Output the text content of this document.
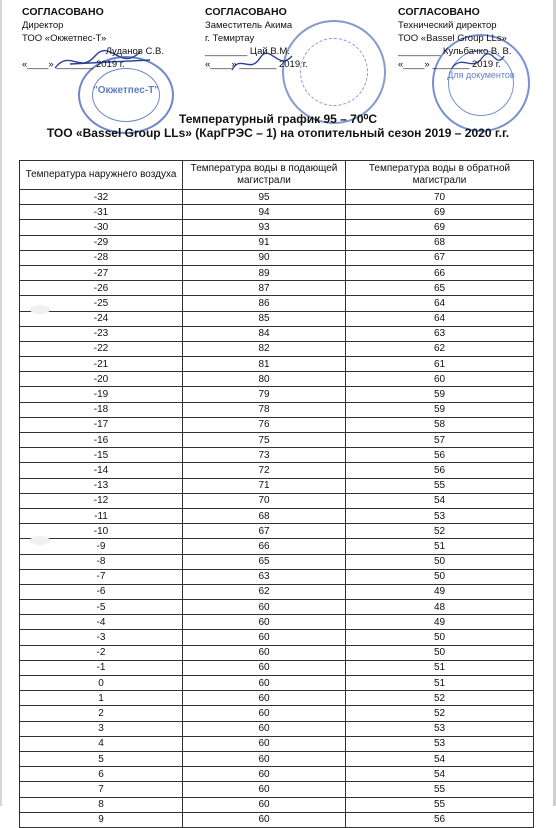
"Окжетпес-Т"
Для документов
СОГЛАСОВАНО
Директор
ТОО «Окжетпес-Т»
Луданов С.В.
«____» _______ 2019 г.
СОГЛАСОВАНО
Заместитель Акима
г. Темиртау
________ Цай В.М.
«____» _______ 2019 г.
СОГЛАСОВАНО
Технический директор
ТОО «Bassel Group LLs»
________ Кульбачко В. В.
«____» _______ 2019 г.
Температурный график 95 – 70⁰С
ТОО «Bassel Group LLs» (КарГРЭС – 1) на отопительный сезон 2019 – 2020 г.г.
Температура наружнего воздуха	Температура воды в подающей магистрали	Температура воды в обратной магистрали
-32	95	70
-31	94	69
-30	93	69
-29	91	68
-28	90	67
-27	89	66
-26	87	65
-25	86	64
-24	85	64
-23	84	63
-22	82	62
-21	81	61
-20	80	60
-19	79	59
-18	78	59
-17	76	58
-16	75	57
-15	73	56
-14	72	56
-13	71	55
-12	70	54
-11	68	53
-10	67	52
-9	66	51
-8	65	50
-7	63	50
-6	62	49
-5	60	48
-4	60	49
-3	60	50
-2	60	50
-1	60	51
0	60	51
1	60	52
2	60	52
3	60	53
4	60	53
5	60	54
6	60	54
7	60	55
8	60	55
9	60	56
